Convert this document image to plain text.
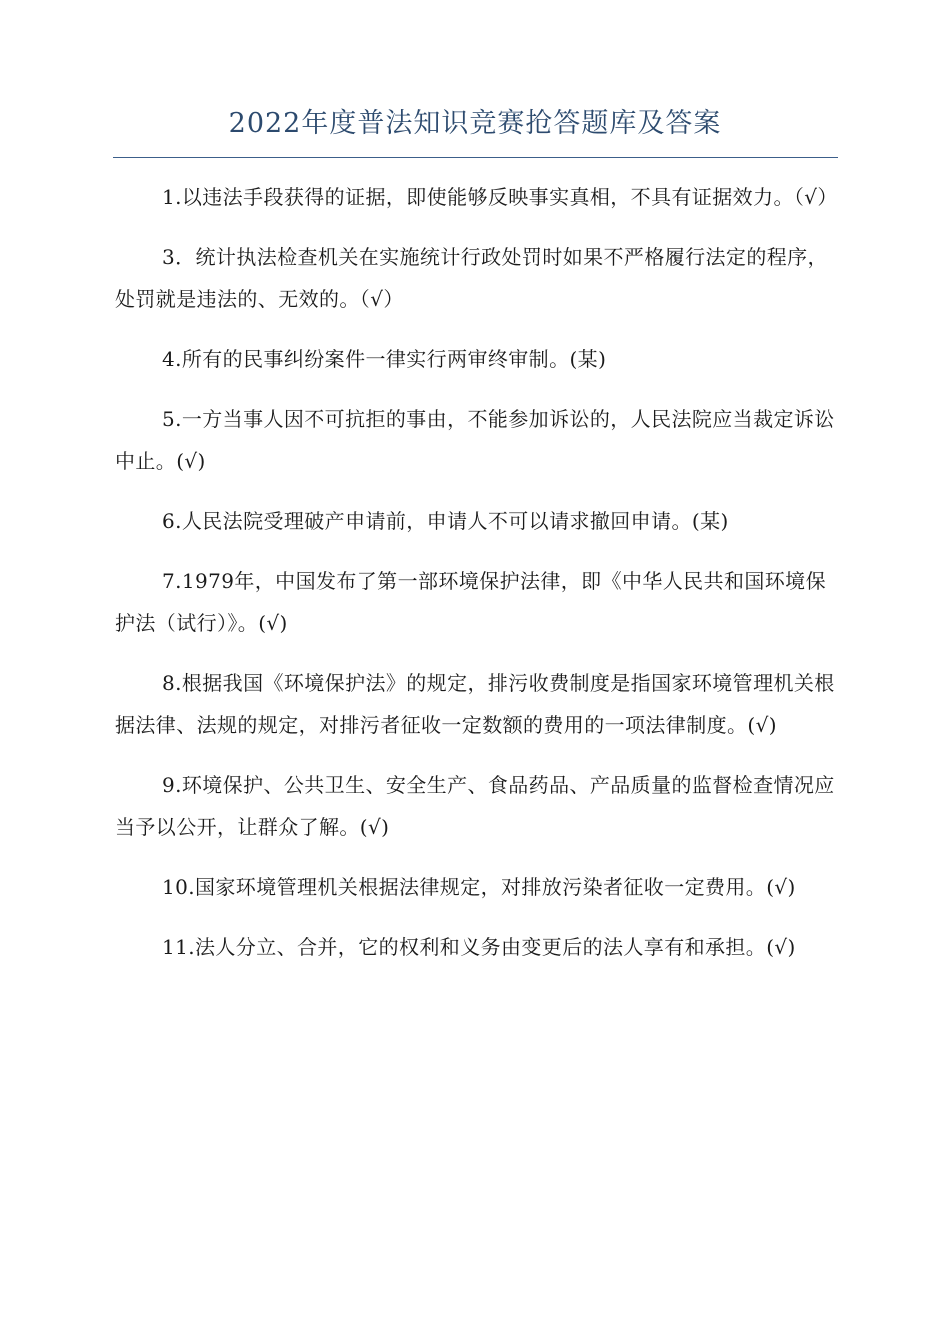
2022年度普法知识竞赛抢答题库及答案

1.以违法手段获得的证据，即使能够反映事实真相，不具有证据效力。（√）

3．统计执法检查机关在实施统计行政处罚时如果不严格履行法定的程序，处罚就是违法的、无效的。（√）

4.所有的民事纠纷案件一律实行两审终审制。(某)

5.一方当事人因不可抗拒的事由，不能参加诉讼的，人民法院应当裁定诉讼中止。(√)

6.人民法院受理破产申请前，申请人不可以请求撤回申请。(某)

7.1979年，中国发布了第一部环境保护法律，即《中华人民共和国环境保护法（试行）》。(√)

8.根据我国《环境保护法》的规定，排污收费制度是指国家环境管理机关根据法律、法规的规定，对排污者征收一定数额的费用的一项法律制度。(√)

9.环境保护、公共卫生、安全生产、食品药品、产品质量的监督检查情况应当予以公开，让群众了解。(√)

10.国家环境管理机关根据法律规定，对排放污染者征收一定费用。(√)

11.法人分立、合并，它的权利和义务由变更后的法人享有和承担。(√)
